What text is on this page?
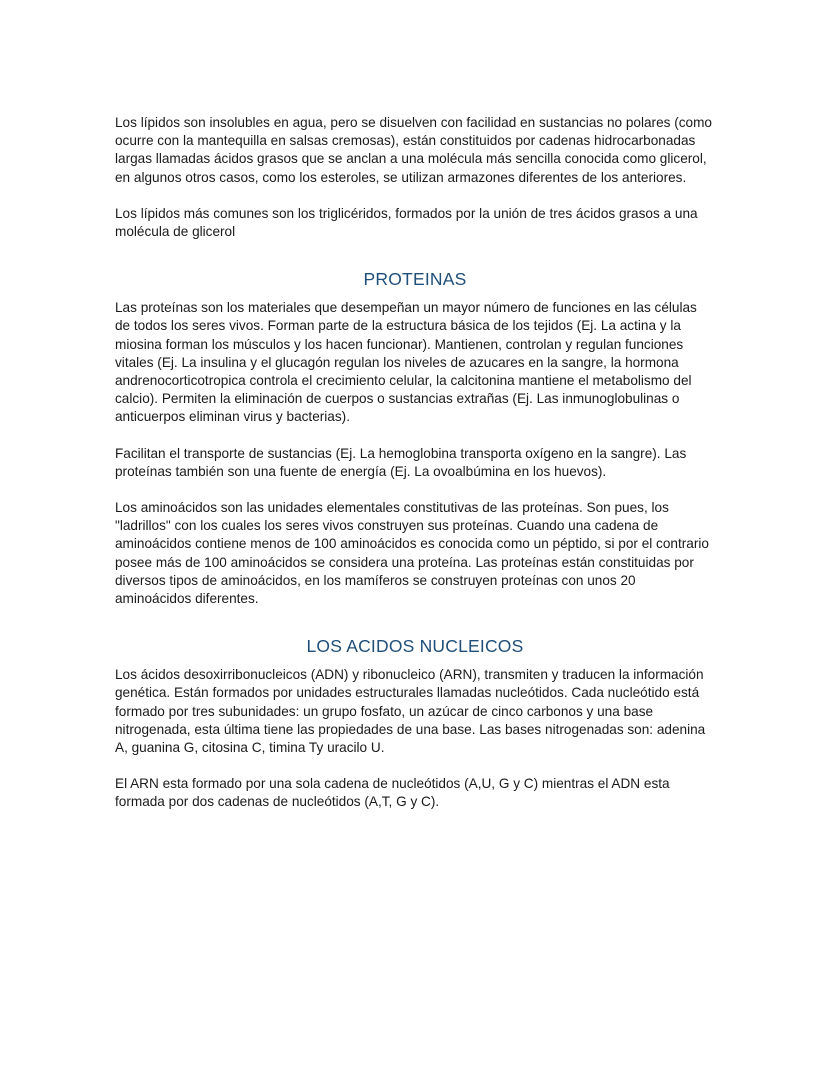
Los lípidos son insolubles en agua, pero se disuelven con facilidad en sustancias no polares (como ocurre con la mantequilla en salsas cremosas), están constituidos por cadenas hidrocarbonadas largas llamadas ácidos grasos que se anclan a una molécula más sencilla conocida como glicerol, en algunos otros casos, como los esteroles, se utilizan armazones diferentes de los anteriores.

Los lípidos más comunes son los triglicéridos, formados por la unión de tres ácidos grasos a una molécula de glicerol

PROTEINAS

Las proteínas son los materiales que desempeñan un mayor número de funciones en las células de todos los seres vivos. Forman parte de la estructura básica de los tejidos (Ej. La actina y la miosina forman los músculos y los hacen funcionar). Mantienen, controlan y regulan funciones vitales (Ej. La insulina y el glucagón regulan los niveles de azucares en la sangre, la hormona andrenocorticotropica controla el crecimiento celular, la calcitonina mantiene el metabolismo del calcio). Permiten la eliminación de cuerpos o sustancias extrañas (Ej. Las inmunoglobulinas o anticuerpos eliminan virus y bacterias).

Facilitan el transporte de sustancias (Ej. La hemoglobina transporta oxígeno en la sangre). Las proteínas también son una fuente de energía (Ej. La ovoalbúmina en los huevos).

Los aminoácidos son las unidades elementales constitutivas de las proteínas. Son pues, los "ladrillos" con los cuales los seres vivos construyen sus proteínas. Cuando una cadena de aminoácidos contiene menos de 100 aminoácidos es conocida como un péptido, si por el contrario posee más de 100 aminoácidos se considera una proteína. Las proteínas están constituidas por diversos tipos de aminoácidos, en los mamíferos se construyen proteínas con unos 20 aminoácidos diferentes.

LOS ACIDOS NUCLEICOS

Los ácidos desoxirribonucleicos (ADN) y ribonucleico (ARN), transmiten y traducen la información genética. Están formados por unidades estructurales llamadas nucleótidos. Cada nucleótido está formado por tres subunidades: un grupo fosfato, un azúcar de cinco carbonos y una base nitrogenada, esta última tiene las propiedades de una base. Las bases nitrogenadas son: adenina A, guanina G, citosina C, timina Ty uracilo U.

El ARN esta formado por una sola cadena de nucleótidos (A,U, G y C) mientras el ADN esta formada por dos cadenas de nucleótidos (A,T, G y C).
